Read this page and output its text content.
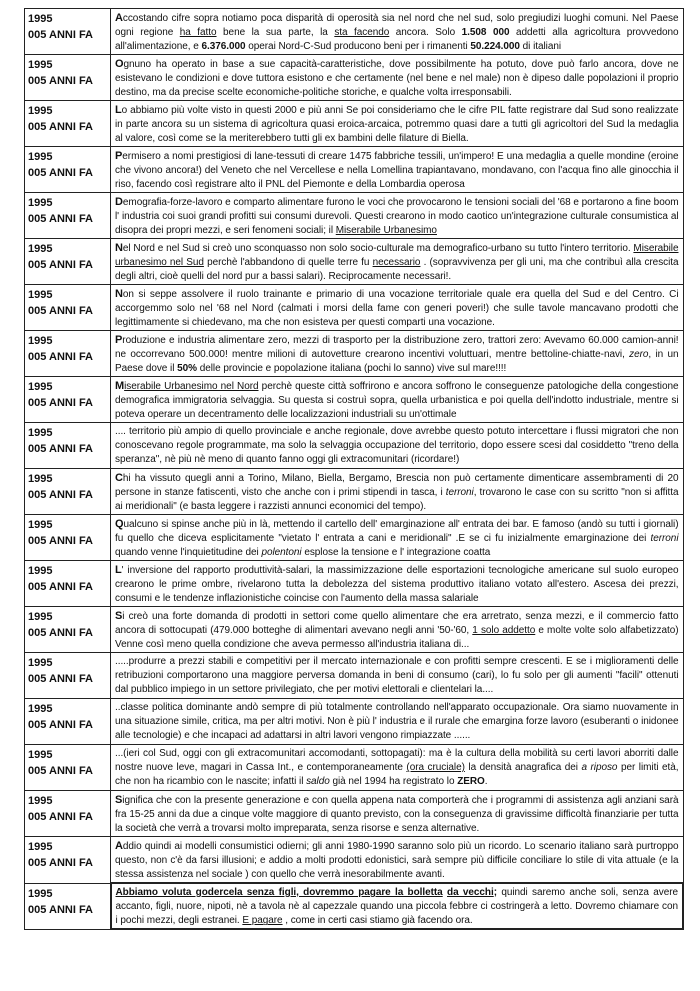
1995
005 ANNI FA	Accostando cifre sopra notiamo poca disparità di operosità sia nel nord che nel sud, solo pregiudizi luoghi comuni. Nel Paese ogni regione ha fatto bene la sua parte, la sta facendo ancora. Solo 1.508 000 addetti alla agricoltura provvedono all'alimentazione, e 6.376.000 operai Nord-C-Sud producono beni per i rimanenti 50.224.000 di italiani

1995
005 ANNI FA	Ognuno ha operato in base a sue capacità-caratteristiche, dove possibilmente ha potuto, dove può farlo ancora, dove ne esistevano le condizioni e dove tuttora esistono e che certamente (nel bene e nel male) non è dipeso dalle popolazioni il proprio destino, ma da precise scelte economiche-politiche storiche, e qualche volta irresponsabili.

1995
005 ANNI FA	Lo abbiamo più volte visto in questi 2000 e più anni Se poi consideriamo che le cifre PIL fatte registrare dal Sud sono realizzate in parte ancora su un sistema di agricoltura quasi eroica-arcaica, potremmo quasi dare a tutti gli agricoltori del Sud la medaglia al valore, così come se la meriterebbero tutti gli ex bambini delle filature di Biella.

1995
005 ANNI FA	Permisero a nomi prestigiosi di lane-tessuti di creare 1475 fabbriche tessili, un'impero! E una medaglia a quelle mondine (eroine che vivono ancora!) del Veneto che nel Vercellese e nella Lomellina trapiantavano, mondavano, con l'acqua fino alle ginocchia il riso, facendo così registrare alto il PNL del Piemonte e della Lombardia operosa

1995
005 ANNI FA	Demografia-forze-lavoro e comparto alimentare furono le voci che provocarono le tensioni sociali del '68 e portarono a fine boom l' industria coi suoi grandi profitti sui consumi durevoli. Questi crearono in modo caotico un'integrazione culturale consumistica al disopra dei propri mezzi, e seri fenomeni sociali; il Miserabile Urbanesimo

1995
005 ANNI FA	Nel Nord e nel Sud si creò uno sconquasso non solo socio-culturale ma demografico-urbano su tutto l'intero territorio. Miserabile urbanesimo nel Sud perchè l'abbandono di quelle terre fu necessario . (sopravvivenza per gli uni, ma che contribuì alla crescita degli altri, cioè quelli del nord pur a bassi salari). Reciprocamente necessari!.

1995
005 ANNI FA	Non si seppe assolvere il ruolo trainante e primario di una vocazione territoriale quale era quella del Sud e del Centro. Ci accorgemmo solo nel '68 nel Nord (calmati i morsi della fame con generi poveri!) che sulle tavole mancavano prodotti che legittimamente si chiedevano, ma che non esisteva per questi comparti una vocazione.

1995
005 ANNI FA	Produzione e industria alimentare zero, mezzi di trasporto per la distribuzione zero, trattori zero: Avevamo 60.000 camion-anni! ne occorrevano 500.000! mentre milioni di autovetture crearono incentivi voluttuari, mentre bettoline-chiatte-navi, zero, in un Paese dove il 50% delle provincie e popolazione italiana (pochi lo sanno) vive sul mare!!!!

1995
005 ANNI FA	Miserabile Urbanesimo nel Nord perchè queste città soffrirono e ancora soffrono le conseguenze patologiche della congestione demografica immigratoria selvaggia. Su questa si costruì sopra, quella urbanistica e poi quella dell'indotto industriale, mentre si poteva operare un decentramento delle localizzazioni industriali su un'ottimale

1995
005 ANNI FA	.... territorio più ampio di quello provinciale e anche regionale, dove avrebbe questo potuto intercettare i flussi migratori che non conoscevano regole programmate, ma solo la selvaggia occupazione del territorio, dopo essere scesi dal cosiddetto "treno della speranza", nè più nè meno di quanto fanno oggi gli extracomunitari (ricordare!)

1995
005 ANNI FA	Chi ha vissuto quegli anni a Torino, Milano, Biella, Bergamo, Brescia non può certamente dimenticare assembramenti di 20 persone in stanze fatiscenti, visto che anche con i primi stipendi in tasca, i terroni, trovarono le case con su scritto "non si affitta ai meridionali" (e basta leggere i razzisti annunci economici del tempo).

1995
005 ANNI FA	Qualcuno si spinse anche più in là, mettendo il cartello dell' emarginazione all' entrata dei bar. E famoso (andò su tutti i giornali) fu quello che diceva esplicitamente "vietato l' entrata a cani e meridionali" .E se ci fu inizialmente emarginazione dei terroni quando venne l'inquietitudine dei polentoni esplose la tensione e l' integrazione coatta

1995
005 ANNI FA	L' inversione del rapporto produttività-salari, la massimizzazione delle esportazioni tecnologiche americane sul suolo europeo crearono le prime ombre, rivelarono tutta la debolezza del sistema produttivo italiano votato all'estero. Ascesa dei prezzi, consumi e le tendenze inflazionistiche coincise con l'aumento della massa salariale

1995
005 ANNI FA	Si creò una forte domanda di prodotti in settori come quello alimentare che era arretrato, senza mezzi, e il commercio fatto ancora di sottocupati (479.000 botteghe di alimentari avevano negli anni '50-'60, 1 solo addetto e molte volte solo alfabetizzato) Venne così meno quella condizione che aveva permesso all'industria italiana di...

1995
005 ANNI FA	.....produrre a prezzi stabili e competitivi per il mercato internazionale e con profitti sempre crescenti. E se i miglioramenti delle retribuzioni comportarono una maggiore perversa domanda in beni di consumo (cari), lo fu solo per gli aumenti "facili" ottenuti dal pubblico impiego in un settore privilegiato, che per motivi elettorali e clientelari la....

1995
005 ANNI FA	..classe politica dominante andò sempre di più totalmente controllando nell'apparato occupazionale. Ora siamo nuovamente in una situazione simile, critica, ma per altri motivi. Non è più l' industria e il rurale che emargina forze lavoro (esuberanti o inidonee alle tecnologie) e che incapaci ad adattarsi in altri lavori vengono rimpiazzate ......

1995
005 ANNI FA	...(ieri col Sud, oggi con gli extracomunitari accomodanti, sottopagati): ma è la cultura della mobilità su certi lavori aborriti dalle nostre nuove leve, magari in Cassa Int., e contemporaneamente (ora cruciale) la densità anagrafica dei a riposo per limiti età, che non ha ricambio con le nascite; infatti il saldo già nel 1994 ha registrato lo ZERO.

1995
005 ANNI FA	Significa che con la presente generazione e con quella appena nata comporterà che i programmi di assistenza agli anziani sarà fra 15-25 anni da due a cinque volte maggiore di quanto previsto, con la conseguenza di gravissime difficoltà finanziarie per tutta la società che verrà a trovarsi molto impreparata, senza risorse e senza alternative.

1995
005 ANNI FA	Addio quindi ai modelli consumistici odierni; gli anni 1980-1990 saranno solo più un ricordo. Lo scenario italiano sarà purtroppo questo, non c'è da farsi illusioni; e addio a molti prodotti edonistici, sarà sempre più difficile conciliare lo stile di vita attuale (e la stessa assistenza nel sociale ) con quello che verrà inesorabilmente avanti.

1995
005 ANNI FA	Abbiamo voluta godercela senza figli, dovremmo pagare la bolletta da vecchi; quindi saremo anche soli, senza avere accanto, figli, nuore, nipoti, nè a tavola nè al capezzale quando una piccola febbre ci costringerà a letto. Dovremo chiamare con i pochi mezzi, degli estranei. E pagare , come in certi casi stiamo già facendo ora.
